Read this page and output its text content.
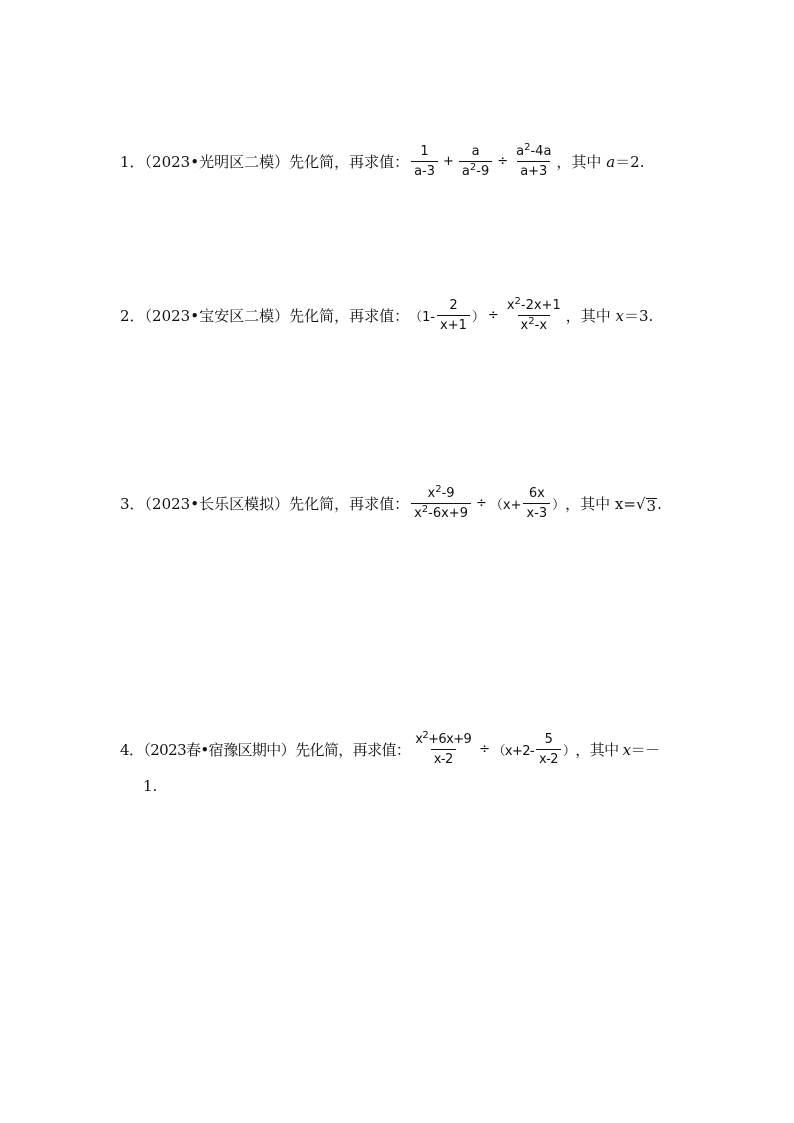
1．（2023•光明区二模）先化简，再求值： $\frac{1}{a-3} + \frac{a}{a^2-9} \div \frac{a^2-4a}{a+3}$ ，其中 a＝2.
2．（2023•宝安区二模）先化简，再求值： （$1- \frac{2}{x+1}$ ） ÷ $\frac{x^2-2x+1}{x^2-x}$ ，其中 x＝3.
3．（2023•长乐区模拟）先化简，再求值： $\frac{x^2-9}{x^2-6x+9} \div (x+ \frac{6x}{x-3}$ ） ，其中 x= √ 3 .
4．（2023春•宿豫区期中）先化简，再求值： $\frac{x^2+6x+9}{x-2} \div (x+2- \frac{5}{x-2}$ ） ，其中 x＝－
1.
